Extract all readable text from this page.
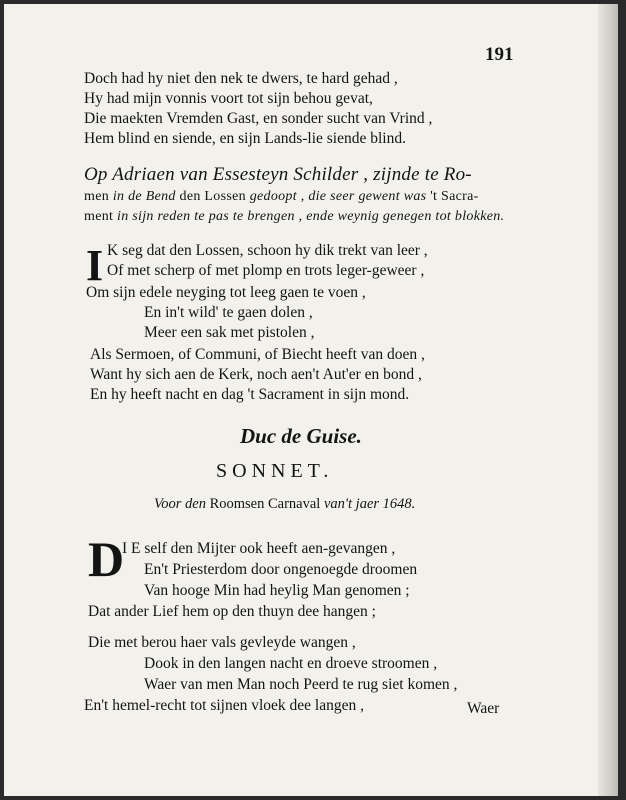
191
Doch had hy niet den nek te dwers, te hard gehad ,
Hy had mijn vonnis voort tot sijn behou gevat,
Die maekten Vremden Gast, en sonder sucht van Vrind ,
Hem blind en siende, en sijn Lands-lie siende blind.
Op Adriaen van Essesteyn Schilder , zijnde te Ro-
men in de Bend den Lossen gedoopt , die seer gewent was 't Sacra-
ment in sijn reden te pas te brengen , ende weynig genegen tot blokken.
I K seg dat den Lossen, schoon hy dik trekt van leer ,
Of met scherp of met plomp en trots leger-geweer ,
Om sijn edele neyging tot leeg gaen te voen ,
En in't wild' te gaen dolen ,
Meer een sak met pistolen ,
Als Sermoen, of Communi, of Biecht heeft van doen ,
Want hy sich aen de Kerk, noch aen't Aut'er en bond ,
En hy heeft nacht en dag 't Sacrament in sijn mond.
Duc de Guise.
SONNET.
Voor den Roomsen Carnaval van't jaer 1648.
D
I E self den Mijter ook heeft aen-gevangen ,
En't Priesterdom door ongenoegde droomen
Van hooge Min had heylig Man genomen ;
Dat ander Lief hem op den thuyn dee hangen ;
Die met berou haer vals gevleyde wangen ,
Dook in den langen nacht en droeve stroomen ,
Waer van men Man noch Peerd te rug siet komen ,
En't hemel-recht tot sijnen vloek dee langen ,	Waer
